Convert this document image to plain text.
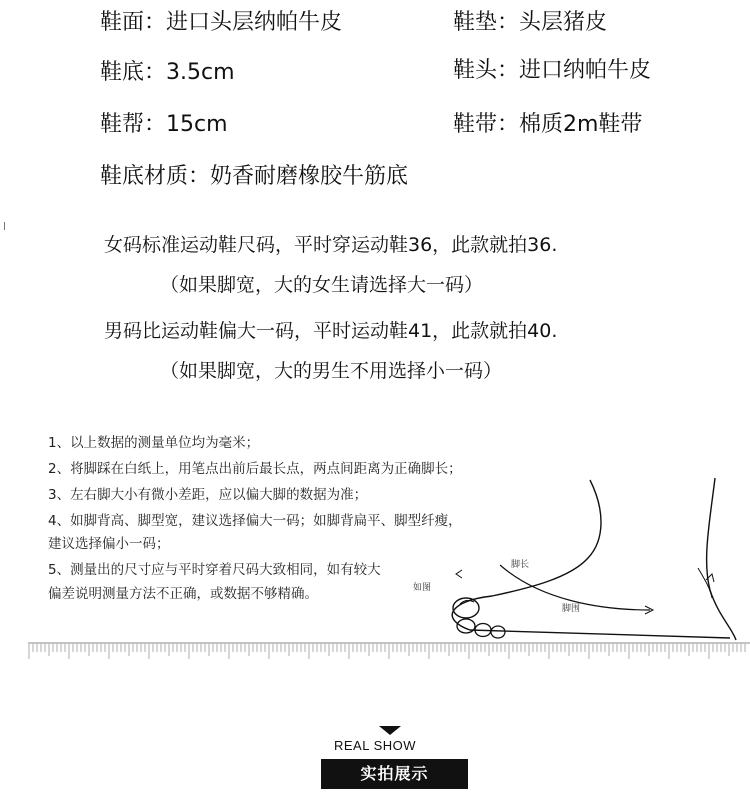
鞋面：进口头层纳帕牛皮	鞋垫：头层猪皮
鞋底：3.5cm	鞋头：进口纳帕牛皮
鞋帮：15cm	鞋带：棉质2m鞋带
鞋底材质：奶香耐磨橡胶牛筋底
女码标准运动鞋尺码，平时穿运动鞋36，此款就拍36.
（如果脚宽，大的女生请选择大一码）
男码比运动鞋偏大一码，平时运动鞋41，此款就拍40.
（如果脚宽，大的男生不用选择小一码）
1、以上数据的测量单位均为毫米；
2、将脚踩在白纸上，用笔点出前后最长点，两点间距离为正确脚长；
3、左右脚大小有微小差距，应以偏大脚的数据为准；
4、如脚背高、脚型宽，建议选择偏大一码；如脚背扁平、脚型纤瘦，
建议选择偏小一码；
5、测量出的尺寸应与平时穿着尺码大致相同，如有较大
偏差说明测量方法不正确，或数据不够精确。
脚长
如图
脚围
REAL SHOW
实拍展示
